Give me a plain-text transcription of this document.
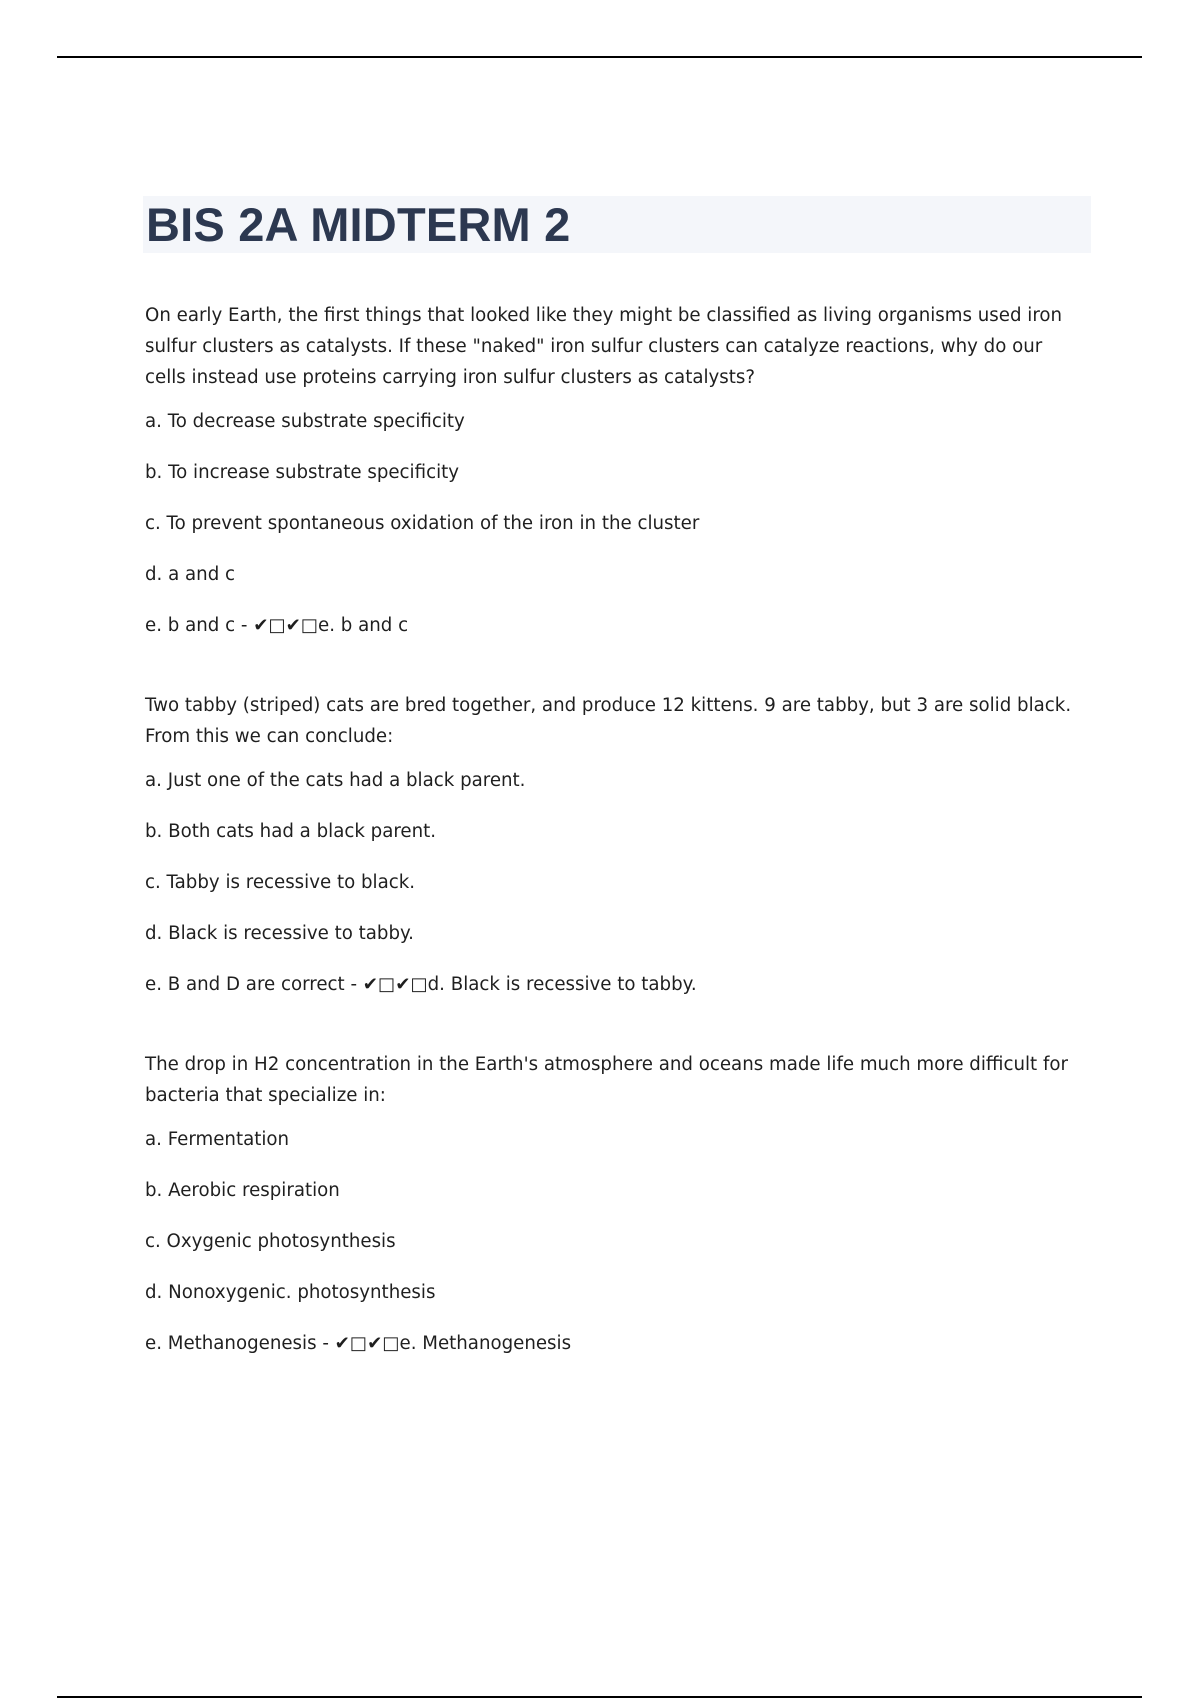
BIS 2A MIDTERM 2

On early Earth, the first things that looked like they might be classified as living organisms used iron sulfur clusters as catalysts. If these "naked" iron sulfur clusters can catalyze reactions, why do our cells instead use proteins carrying iron sulfur clusters as catalysts?

a. To decrease substrate specificity

b. To increase substrate specificity

c. To prevent spontaneous oxidation of the iron in the cluster

d. a and c

e. b and c - ✔□✔□e. b and c

Two tabby (striped) cats are bred together, and produce 12 kittens. 9 are tabby, but 3 are solid black. From this we can conclude:

a. Just one of the cats had a black parent.

b. Both cats had a black parent.

c. Tabby is recessive to black.

d. Black is recessive to tabby.

e. B and D are correct - ✔□✔□d. Black is recessive to tabby.

The drop in H2 concentration in the Earth's atmosphere and oceans made life much more difficult for bacteria that specialize in:

a. Fermentation

b. Aerobic respiration

c. Oxygenic photosynthesis

d. Nonoxygenic. photosynthesis

e. Methanogenesis - ✔□✔□e. Methanogenesis
